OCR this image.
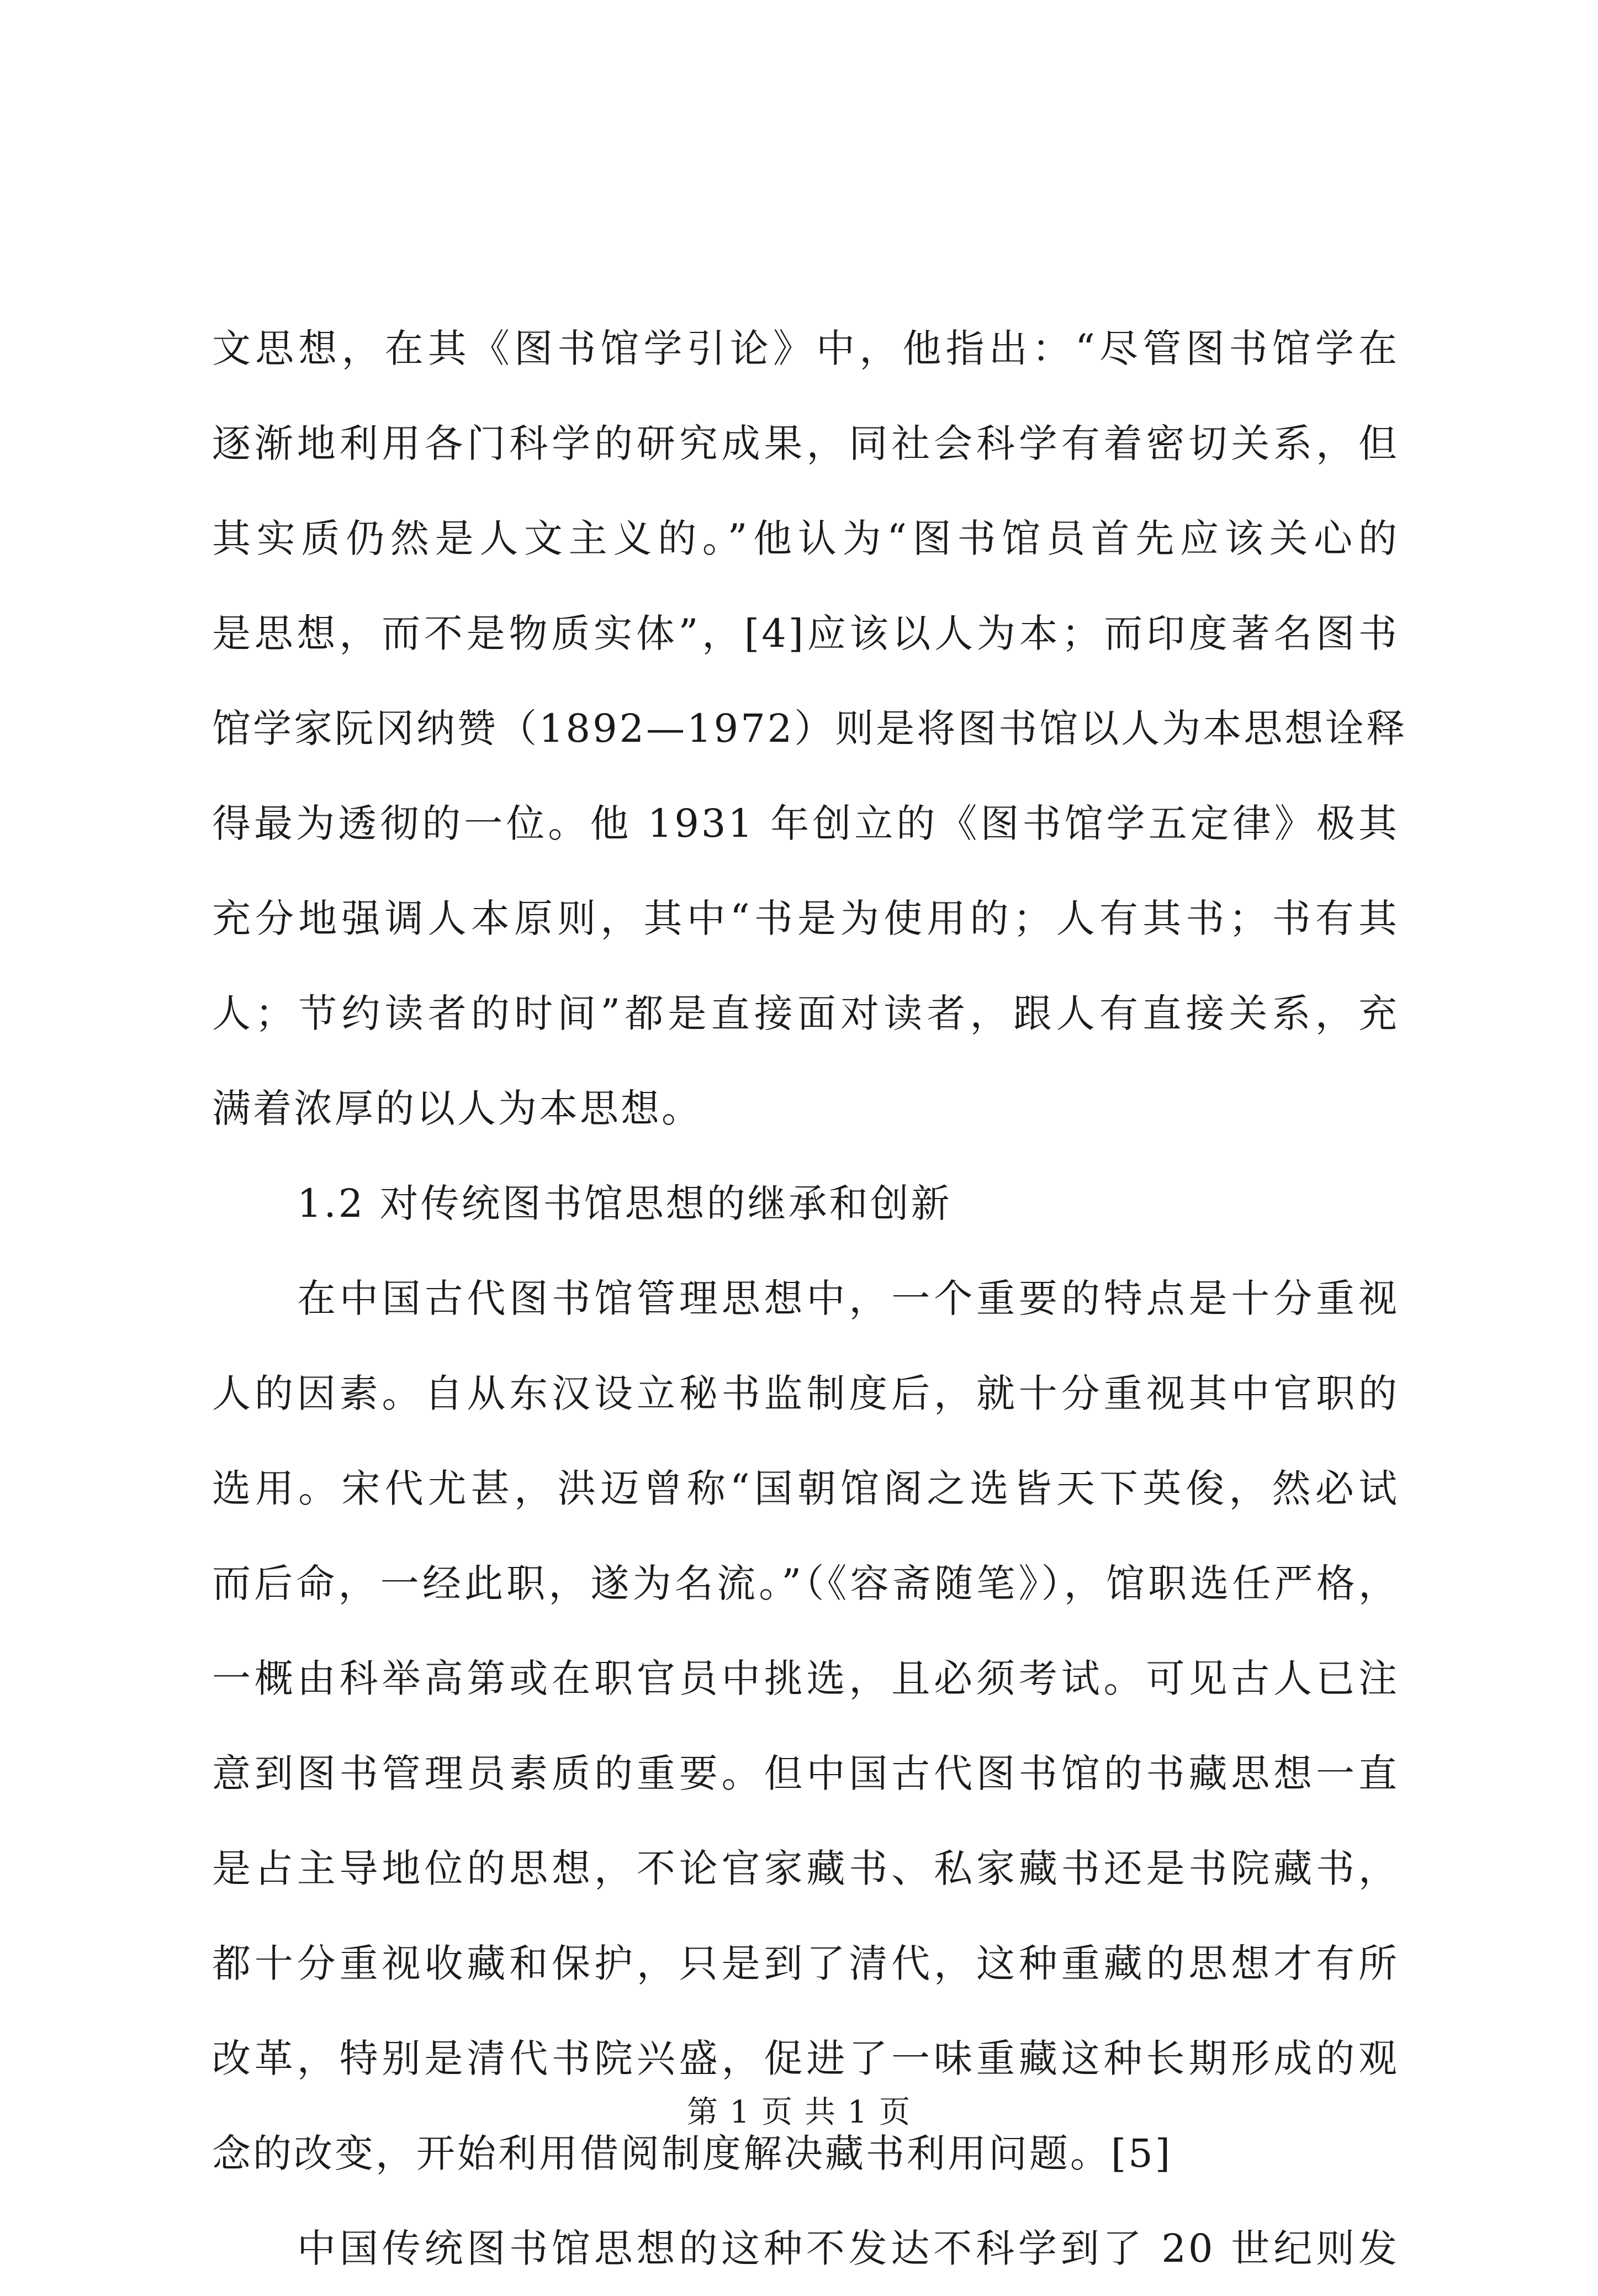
文思想，在其《图书馆学引论》中，他指出：“尽管图书馆学在
逐渐地利用各门科学的研究成果，同社会科学有着密切关系，但
其实质仍然是人文主义的。”他认为“图书馆员首先应该关心的
是思想，而不是物质实体”，[4]应该以人为本；而印度著名图书
馆学家阮冈纳赞（1892—1972）则是将图书馆以人为本思想诠释
得最为透彻的一位。他 1931 年创立的《图书馆学五定律》极其
充分地强调人本原则，其中“书是为使用的；人有其书；书有其
人；节约读者的时间”都是直接面对读者，跟人有直接关系，充
满着浓厚的以人为本思想。
1.2 对传统图书馆思想的继承和创新
在中国古代图书馆管理思想中，一个重要的特点是十分重视
人的因素。自从东汉设立秘书监制度后，就十分重视其中官职的
选用。宋代尤甚，洪迈曾称“国朝馆阁之选皆天下英俊，然必试
而后命，一经此职，遂为名流。”（《容斋随笔》），馆职选任严格，
一概由科举高第或在职官员中挑选，且必须考试。可见古人已注
意到图书管理员素质的重要。但中国古代图书馆的书藏思想一直
是占主导地位的思想，不论官家藏书、私家藏书还是书院藏书，
都十分重视收藏和保护，只是到了清代，这种重藏的思想才有所
改革，特别是清代书院兴盛，促进了一味重藏这种长期形成的观
念的改变，开始利用借阅制度解决藏书利用问题。[5]
中国传统图书馆思想的这种不发达不科学到了 20 世纪则发
第 1 页 共 1 页
